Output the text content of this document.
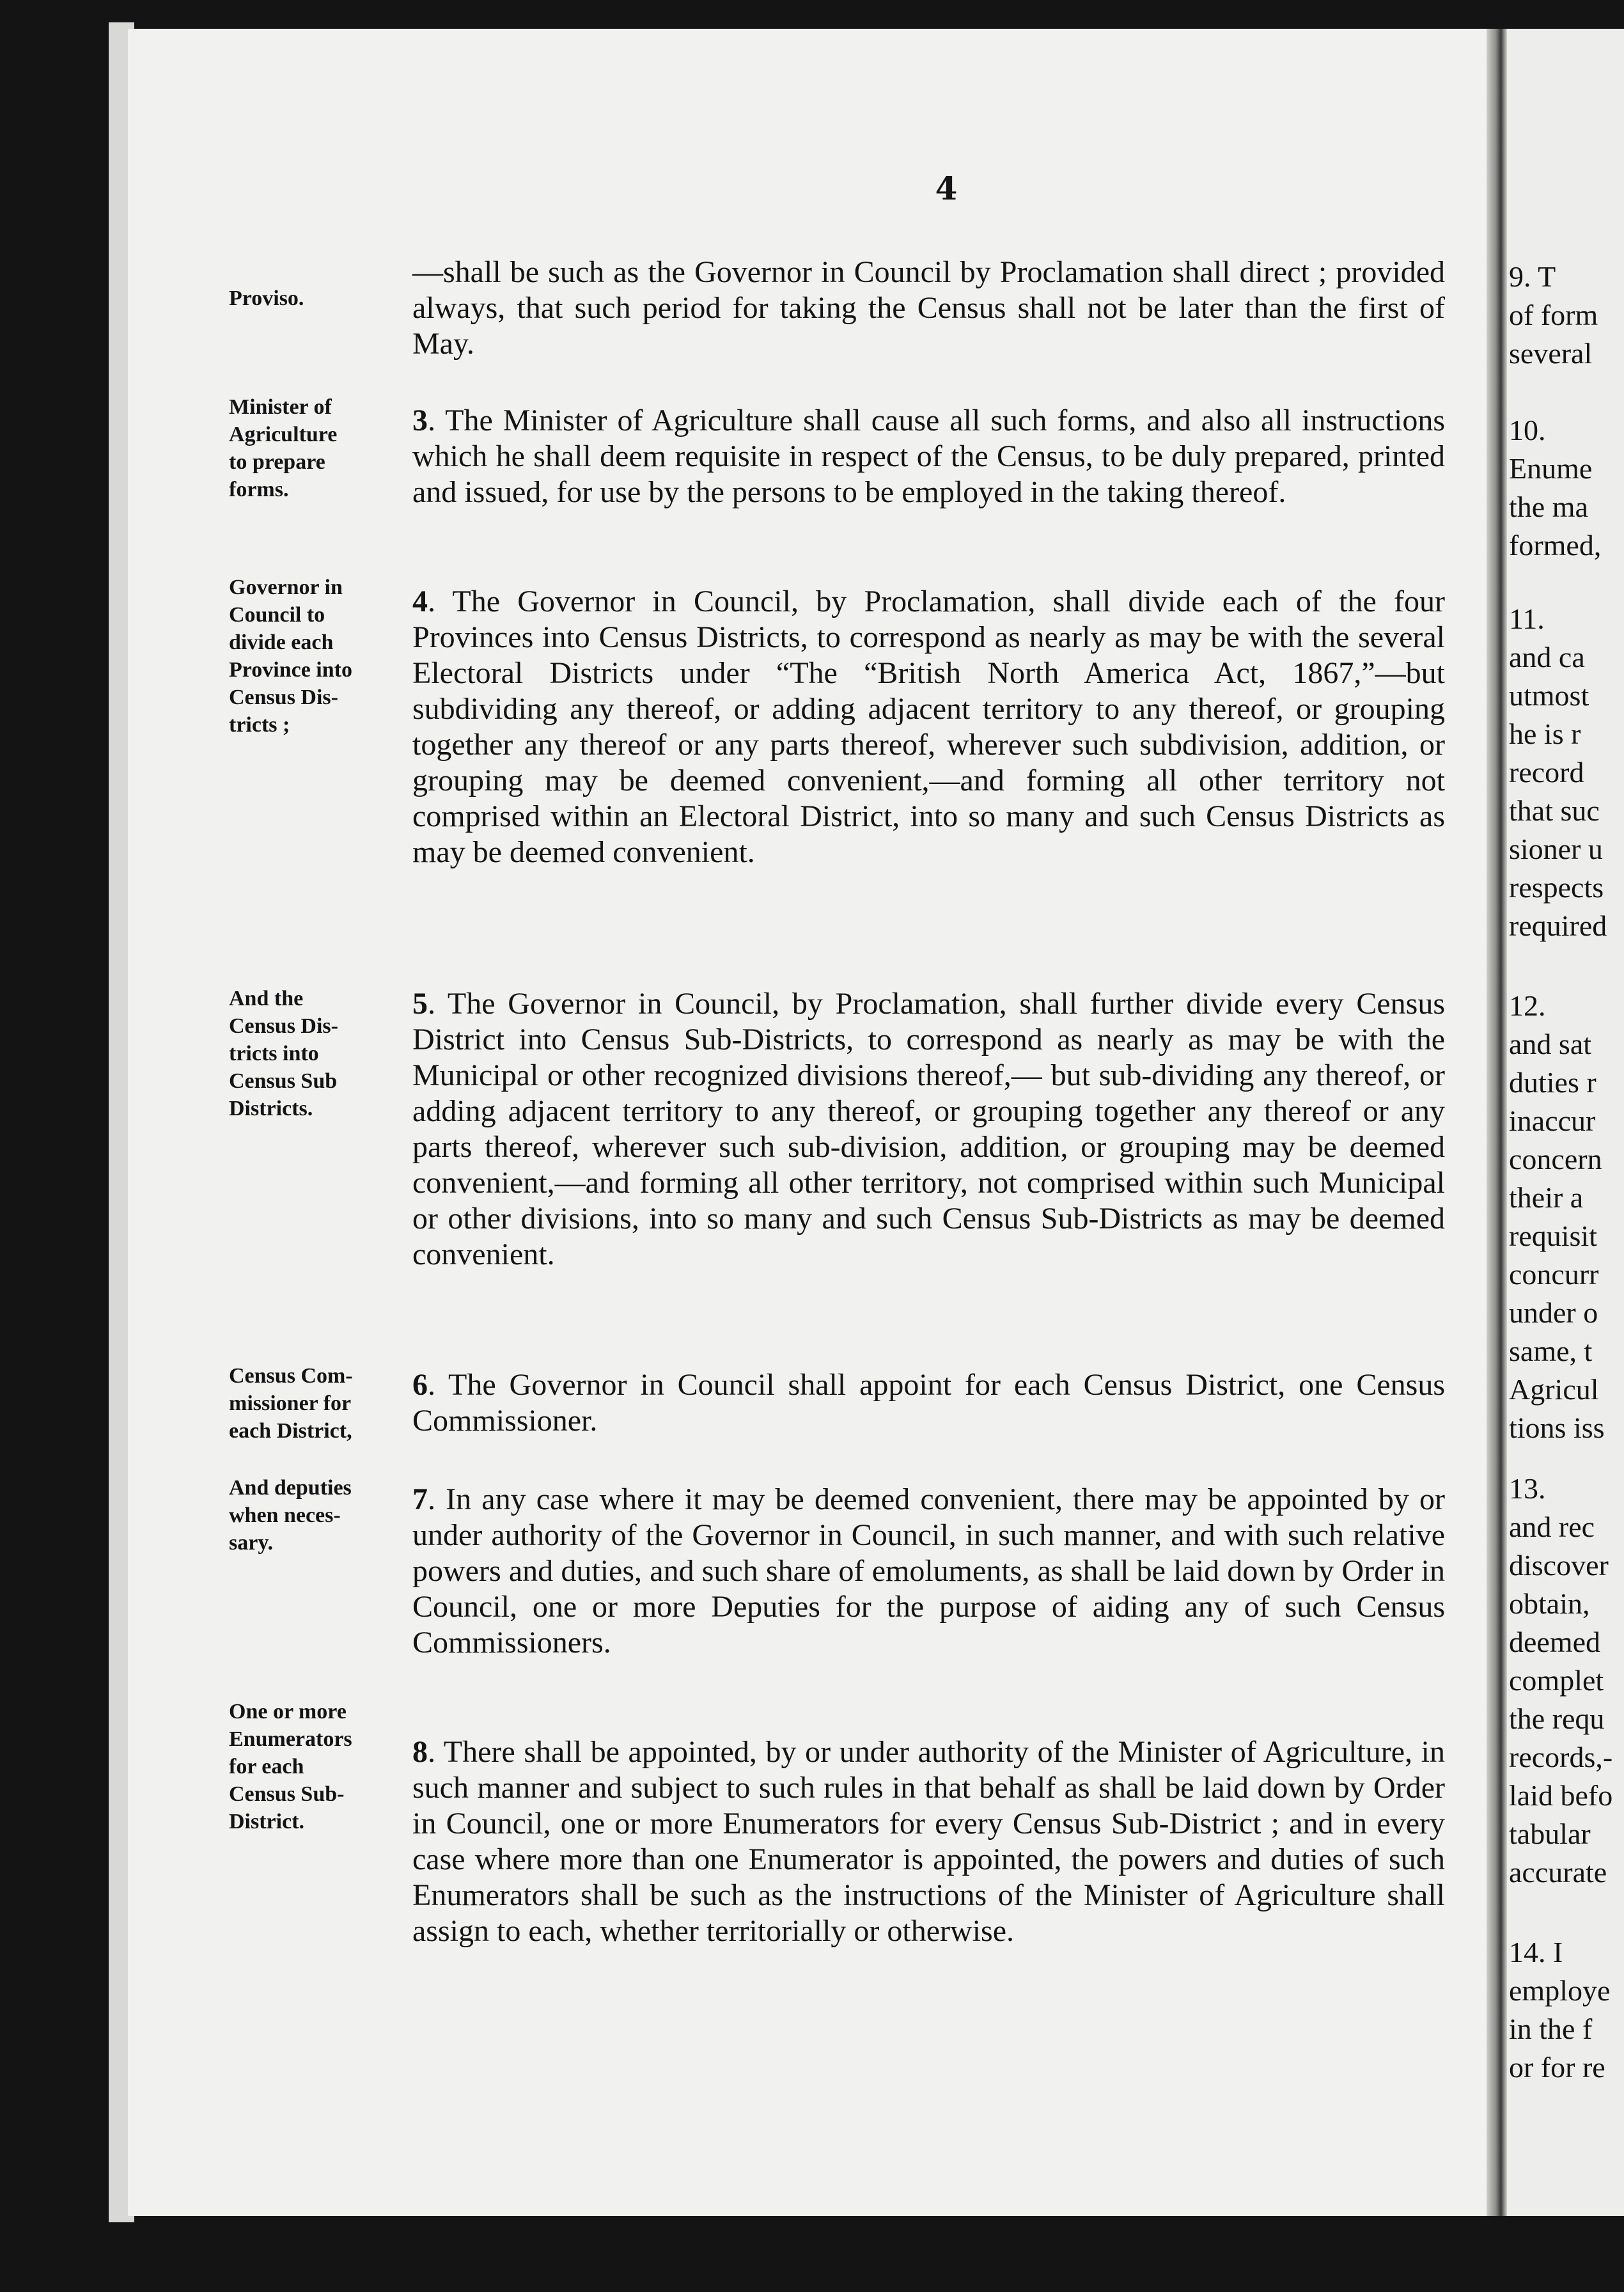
4
Proviso.
Minister of
Agriculture
to prepare
forms.
Governor in
Council to
divide each
Province into
Census Dis-
tricts ;
And the
Census Dis-
tricts into
Census Sub
Districts.
Census Com-
missioner for
each District,
And deputies
when neces-
sary.
One or more
Enumerators
for each
Census Sub-
District.
—shall be such as the Governor in Council by Proclamation shall direct ; provided always, that such period for taking the Census shall not be later than the first of May.
3. The Minister of Agriculture shall cause all such forms, and also all instructions which he shall deem requisite in respect of the Census, to be duly prepared, printed and issued, for use by the persons to be employed in the taking thereof.
4. The Governor in Council, by Proclamation, shall divide each of the four Provinces into Census Districts, to correspond as nearly as may be with the several Electoral Districts under “The “British North America Act, 1867,”—but subdividing any thereof, or adding adjacent territory to any thereof, or grouping together any thereof or any parts thereof, wherever such subdivision, addition, or grouping may be deemed convenient,—and forming all other territory not comprised within an Electoral District, into so many and such Census Districts as may be deemed convenient.
5. The Governor in Council, by Proclamation, shall further divide every Census District into Census Sub-Districts, to correspond as nearly as may be with the Municipal or other recognized divisions thereof,— but sub-dividing any thereof, or adding adjacent territory to any thereof, or grouping together any thereof or any parts thereof, wherever such sub-division, addition, or grouping may be deemed convenient,—and forming all other territory, not comprised within such Municipal or other divisions, into so many and such Census Sub-Districts as may be deemed convenient.
6. The Governor in Council shall appoint for each Census District, one Census Commissioner.
7. In any case where it may be deemed convenient, there may be appointed by or under authority of the Governor in Council, in such manner, and with such relative powers and duties, and such share of emoluments, as shall be laid down by Order in Council, one or more Deputies for the purpose of aiding any of such Census Commissioners.
8. There shall be appointed, by or under authority of the Minister of Agriculture, in such manner and subject to such rules in that behalf as shall be laid down by Order in Council, one or more Enumerators for every Census Sub-District ; and in every case where more than one Enumerator is appointed, the powers and duties of such Enumerators shall be such as the instructions of the Minister of Agriculture shall assign to each, whether territorially or otherwise.
9. T
of form
several
10.
Enume
the ma
formed,
11.
and ca
utmost
he is r
record
that suc
sioner u
respects
required
12.
and sat
duties r
inaccur
concern
their a
requisit
concurr
under o
same, t
Agricul
tions iss
13.
and rec
discover
obtain,
deemed
complet
the requ
records,-
laid befo
tabular
accurate
14. I
employe
in the f
or for re
